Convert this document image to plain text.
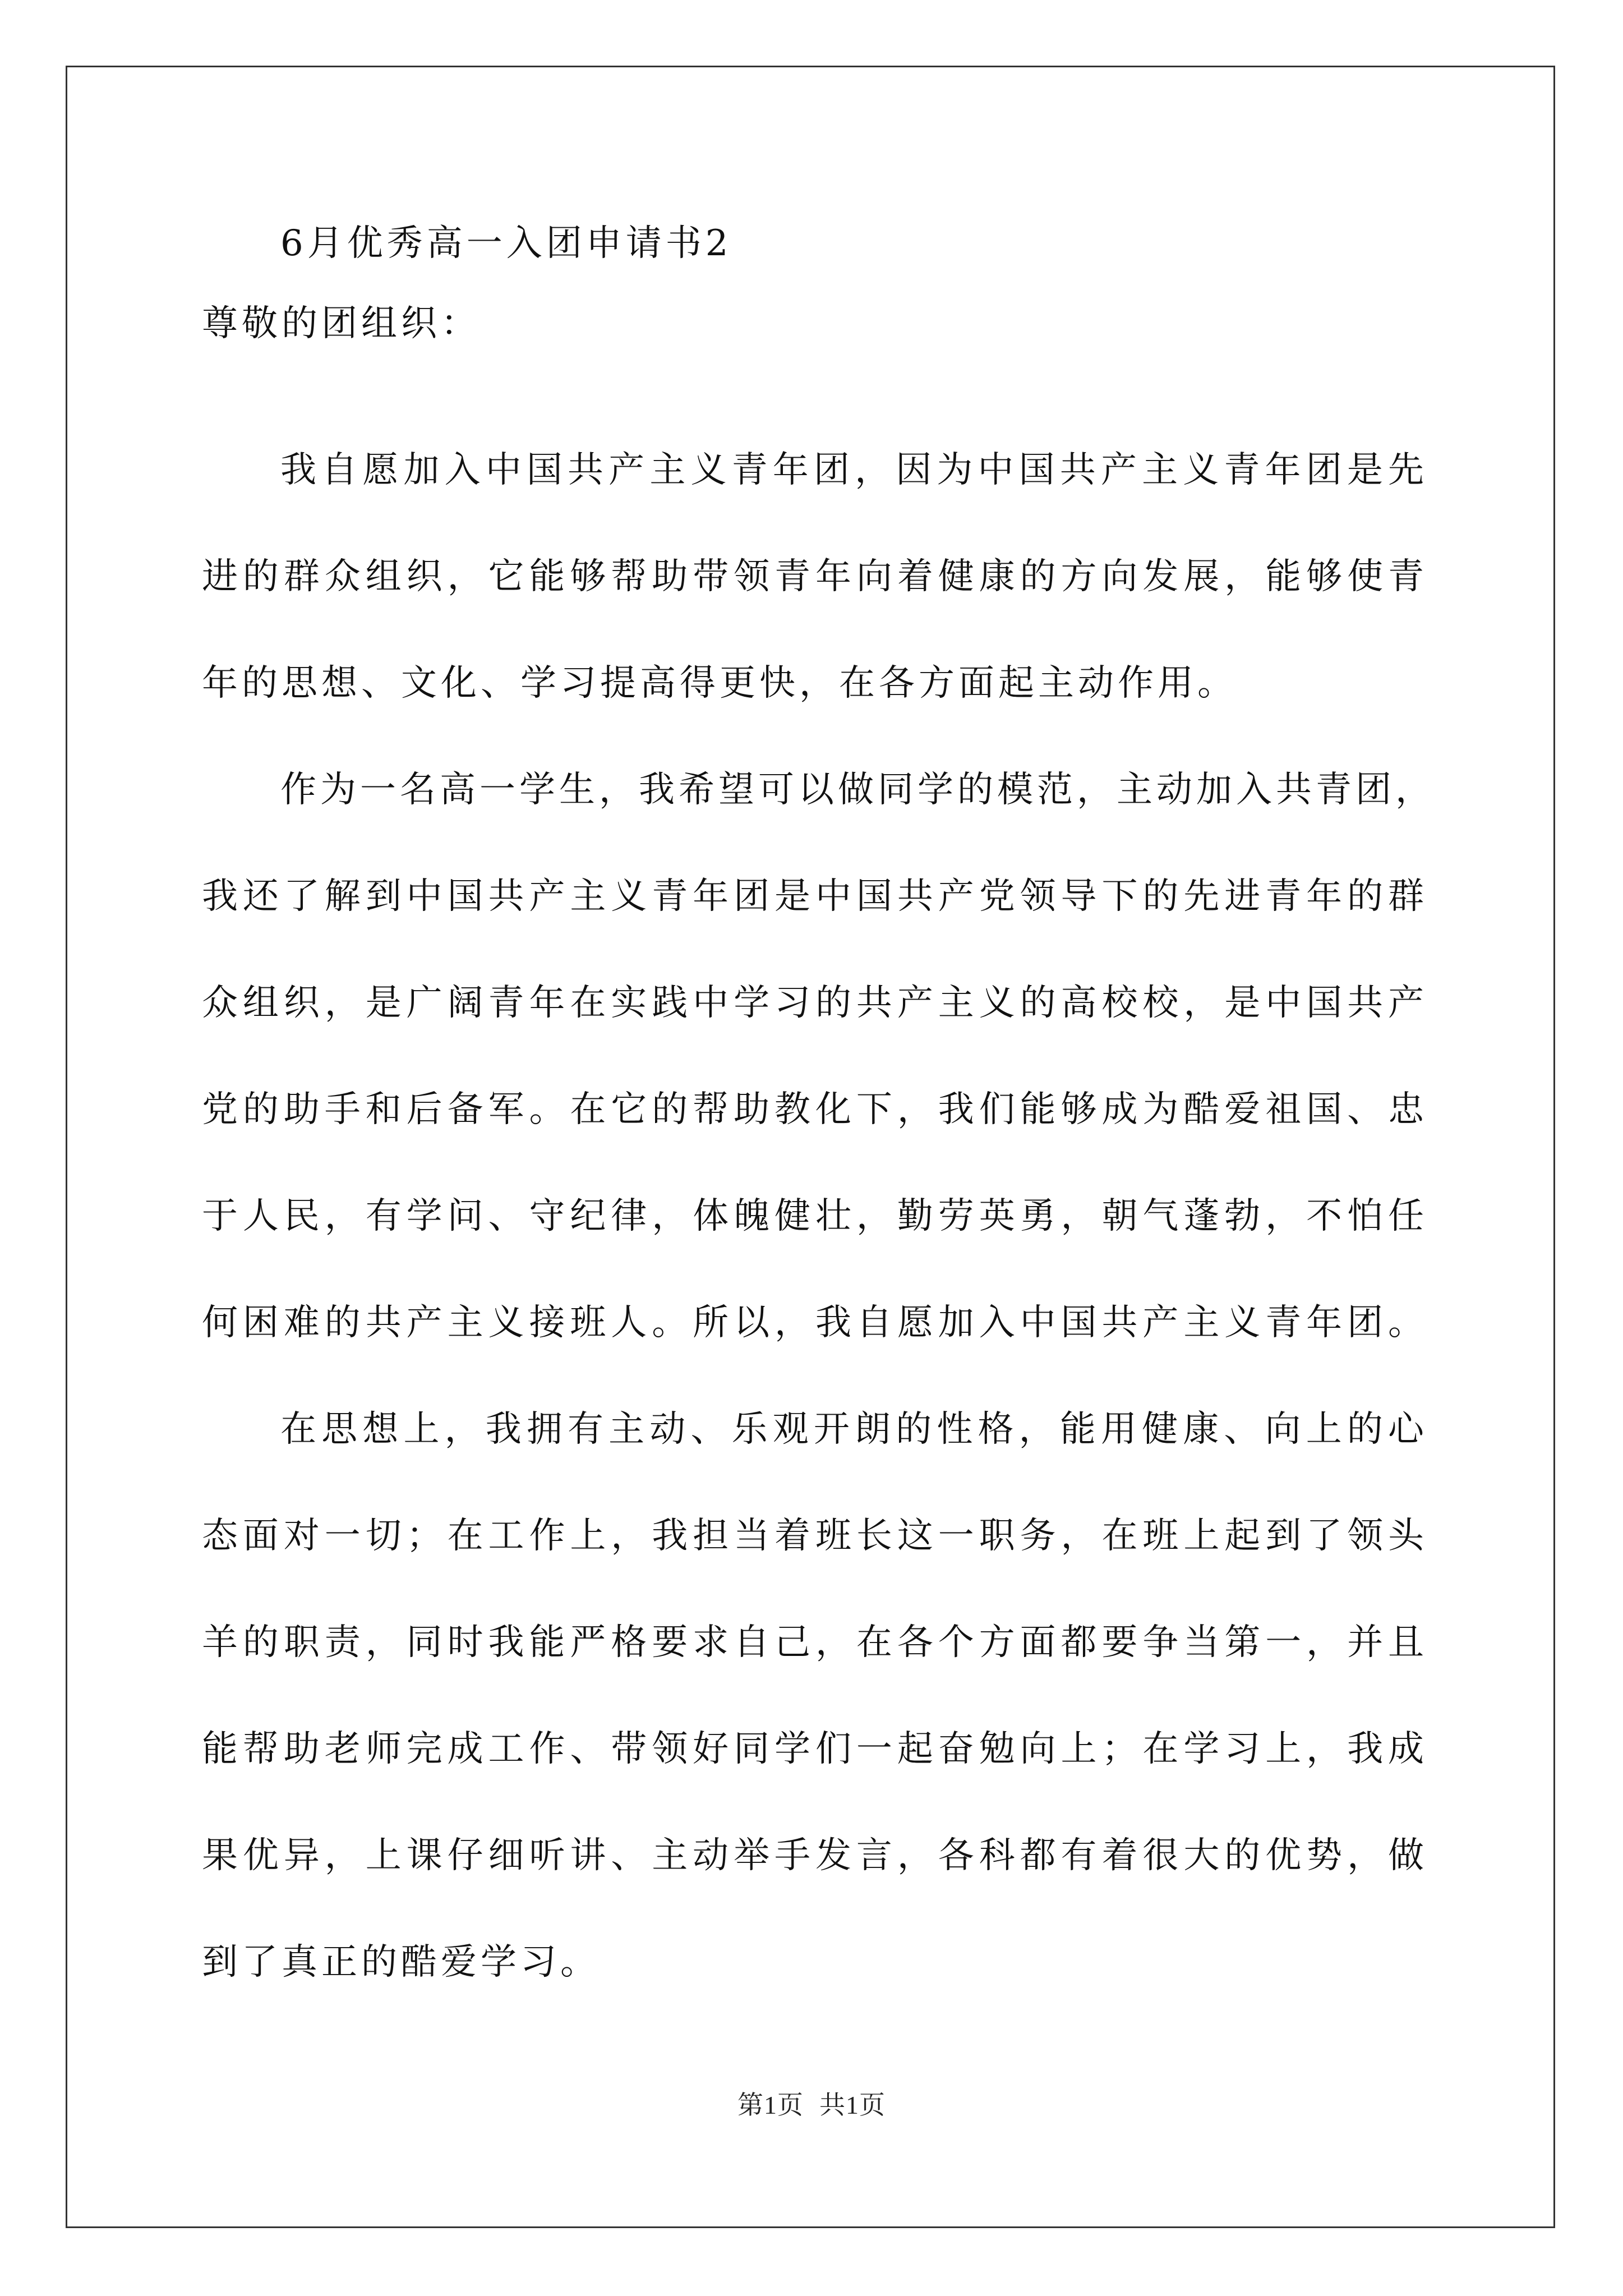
6月优秀高一入团申请书2
尊敬的团组织：
我自愿加入中国共产主义青年团，因为中国共产主义青年团是先
进的群众组织，它能够帮助带领青年向着健康的方向发展，能够使青
年的思想、文化、学习提高得更快，在各方面起主动作用。
作为一名高一学生，我希望可以做同学的模范，主动加入共青团，
我还了解到中国共产主义青年团是中国共产党领导下的先进青年的群
众组织，是广阔青年在实践中学习的共产主义的高校校，是中国共产
党的助手和后备军。在它的帮助教化下，我们能够成为酷爱祖国、忠
于人民，有学问、守纪律，体魄健壮，勤劳英勇，朝气蓬勃，不怕任
何困难的共产主义接班人。所以，我自愿加入中国共产主义青年团。
在思想上，我拥有主动、乐观开朗的性格，能用健康、向上的心
态面对一切；在工作上，我担当着班长这一职务，在班上起到了领头
羊的职责，同时我能严格要求自己，在各个方面都要争当第一，并且
能帮助老师完成工作、带领好同学们一起奋勉向上；在学习上，我成
果优异，上课仔细听讲、主动举手发言，各科都有着很大的优势，做
到了真正的酷爱学习。
第1页 共1页
